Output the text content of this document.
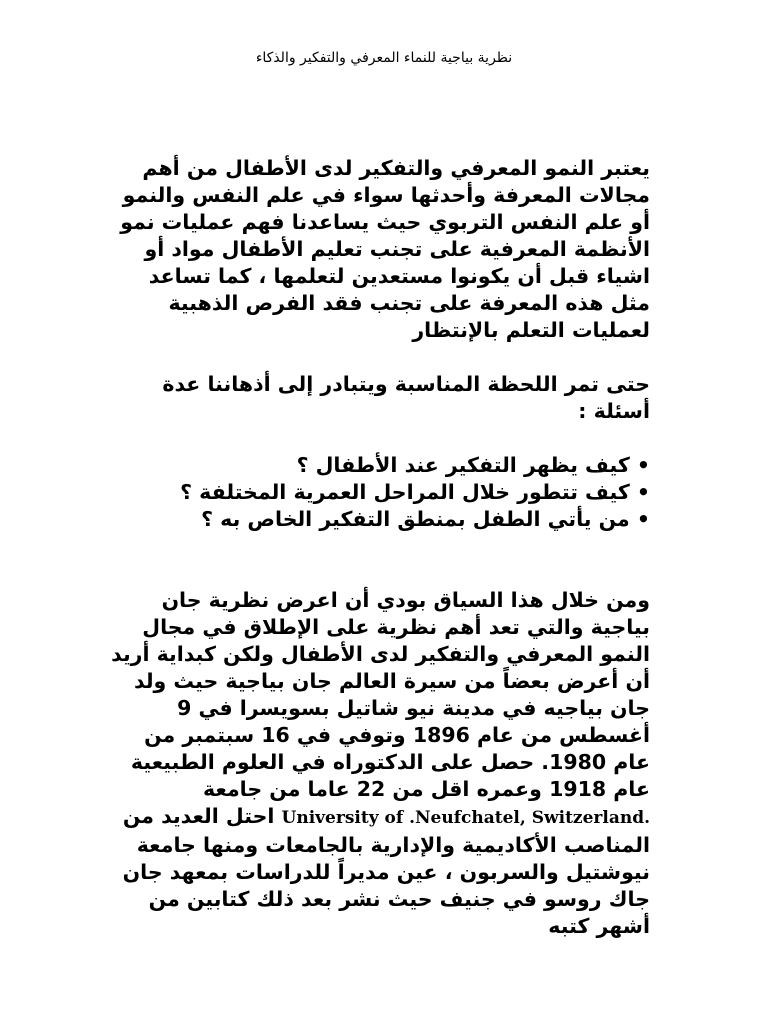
نظرية بياجية للنماء المعرفي والتفكير والذكاء

يعتبر النمو المعرفي والتفكير لدى الأطفال من أهم مجالات المعرفة وأحدثها سواء في علم النفس والنمو أو علم النفس التربوي حيث يساعدنا فهم عمليات نمو الأنظمة المعرفية على تجنب تعليم الأطفال مواد أو اشياء قبل أن يكونوا مستعدين لتعلمها ، كما تساعد مثل هذه المعرفة على تجنب فقد الفرص الذهبية لعمليات التعلم بالإنتظار

حتى تمر اللحظة المناسبة ويتبادر إلى أذهاننا عدة أسئلة :

• كيف يظهر التفكير عند الأطفال ؟
• كيف تتطور خلال المراحل العمرية المختلفة ؟
• من يأتي الطفل بمنطق التفكير الخاص به ؟

ومن خلال هذا السياق بودي أن اعرض نظرية جان بياجية والتي تعد أهم نظرية على الإطلاق في مجال النمو المعرفي والتفكير لدى الأطفال ولكن كبداية أريد أن أعرض بعضاً من سيرة العالم جان بياجية حيث ولد جان بياجيه في مدينة نيو شاتيل بسويسرا في 9 أغسطس من عام 1896 وتوفي في 16 سبتمبر من عام 1980. حصل على الدكتوراه في العلوم الطبيعية عام 1918 وعمره اقل من 22 عاما من جامعة University of .Neufchatel, Switzerland. احتل العديد من المناصب الأكاديمية والإدارية بالجامعات ومنها جامعة نيوشتيل والسربون ، عين مديراً للدراسات بمعهد جان جاك روسو في جنيف حيث نشر بعد ذلك كتابين من أشهر كتبه
